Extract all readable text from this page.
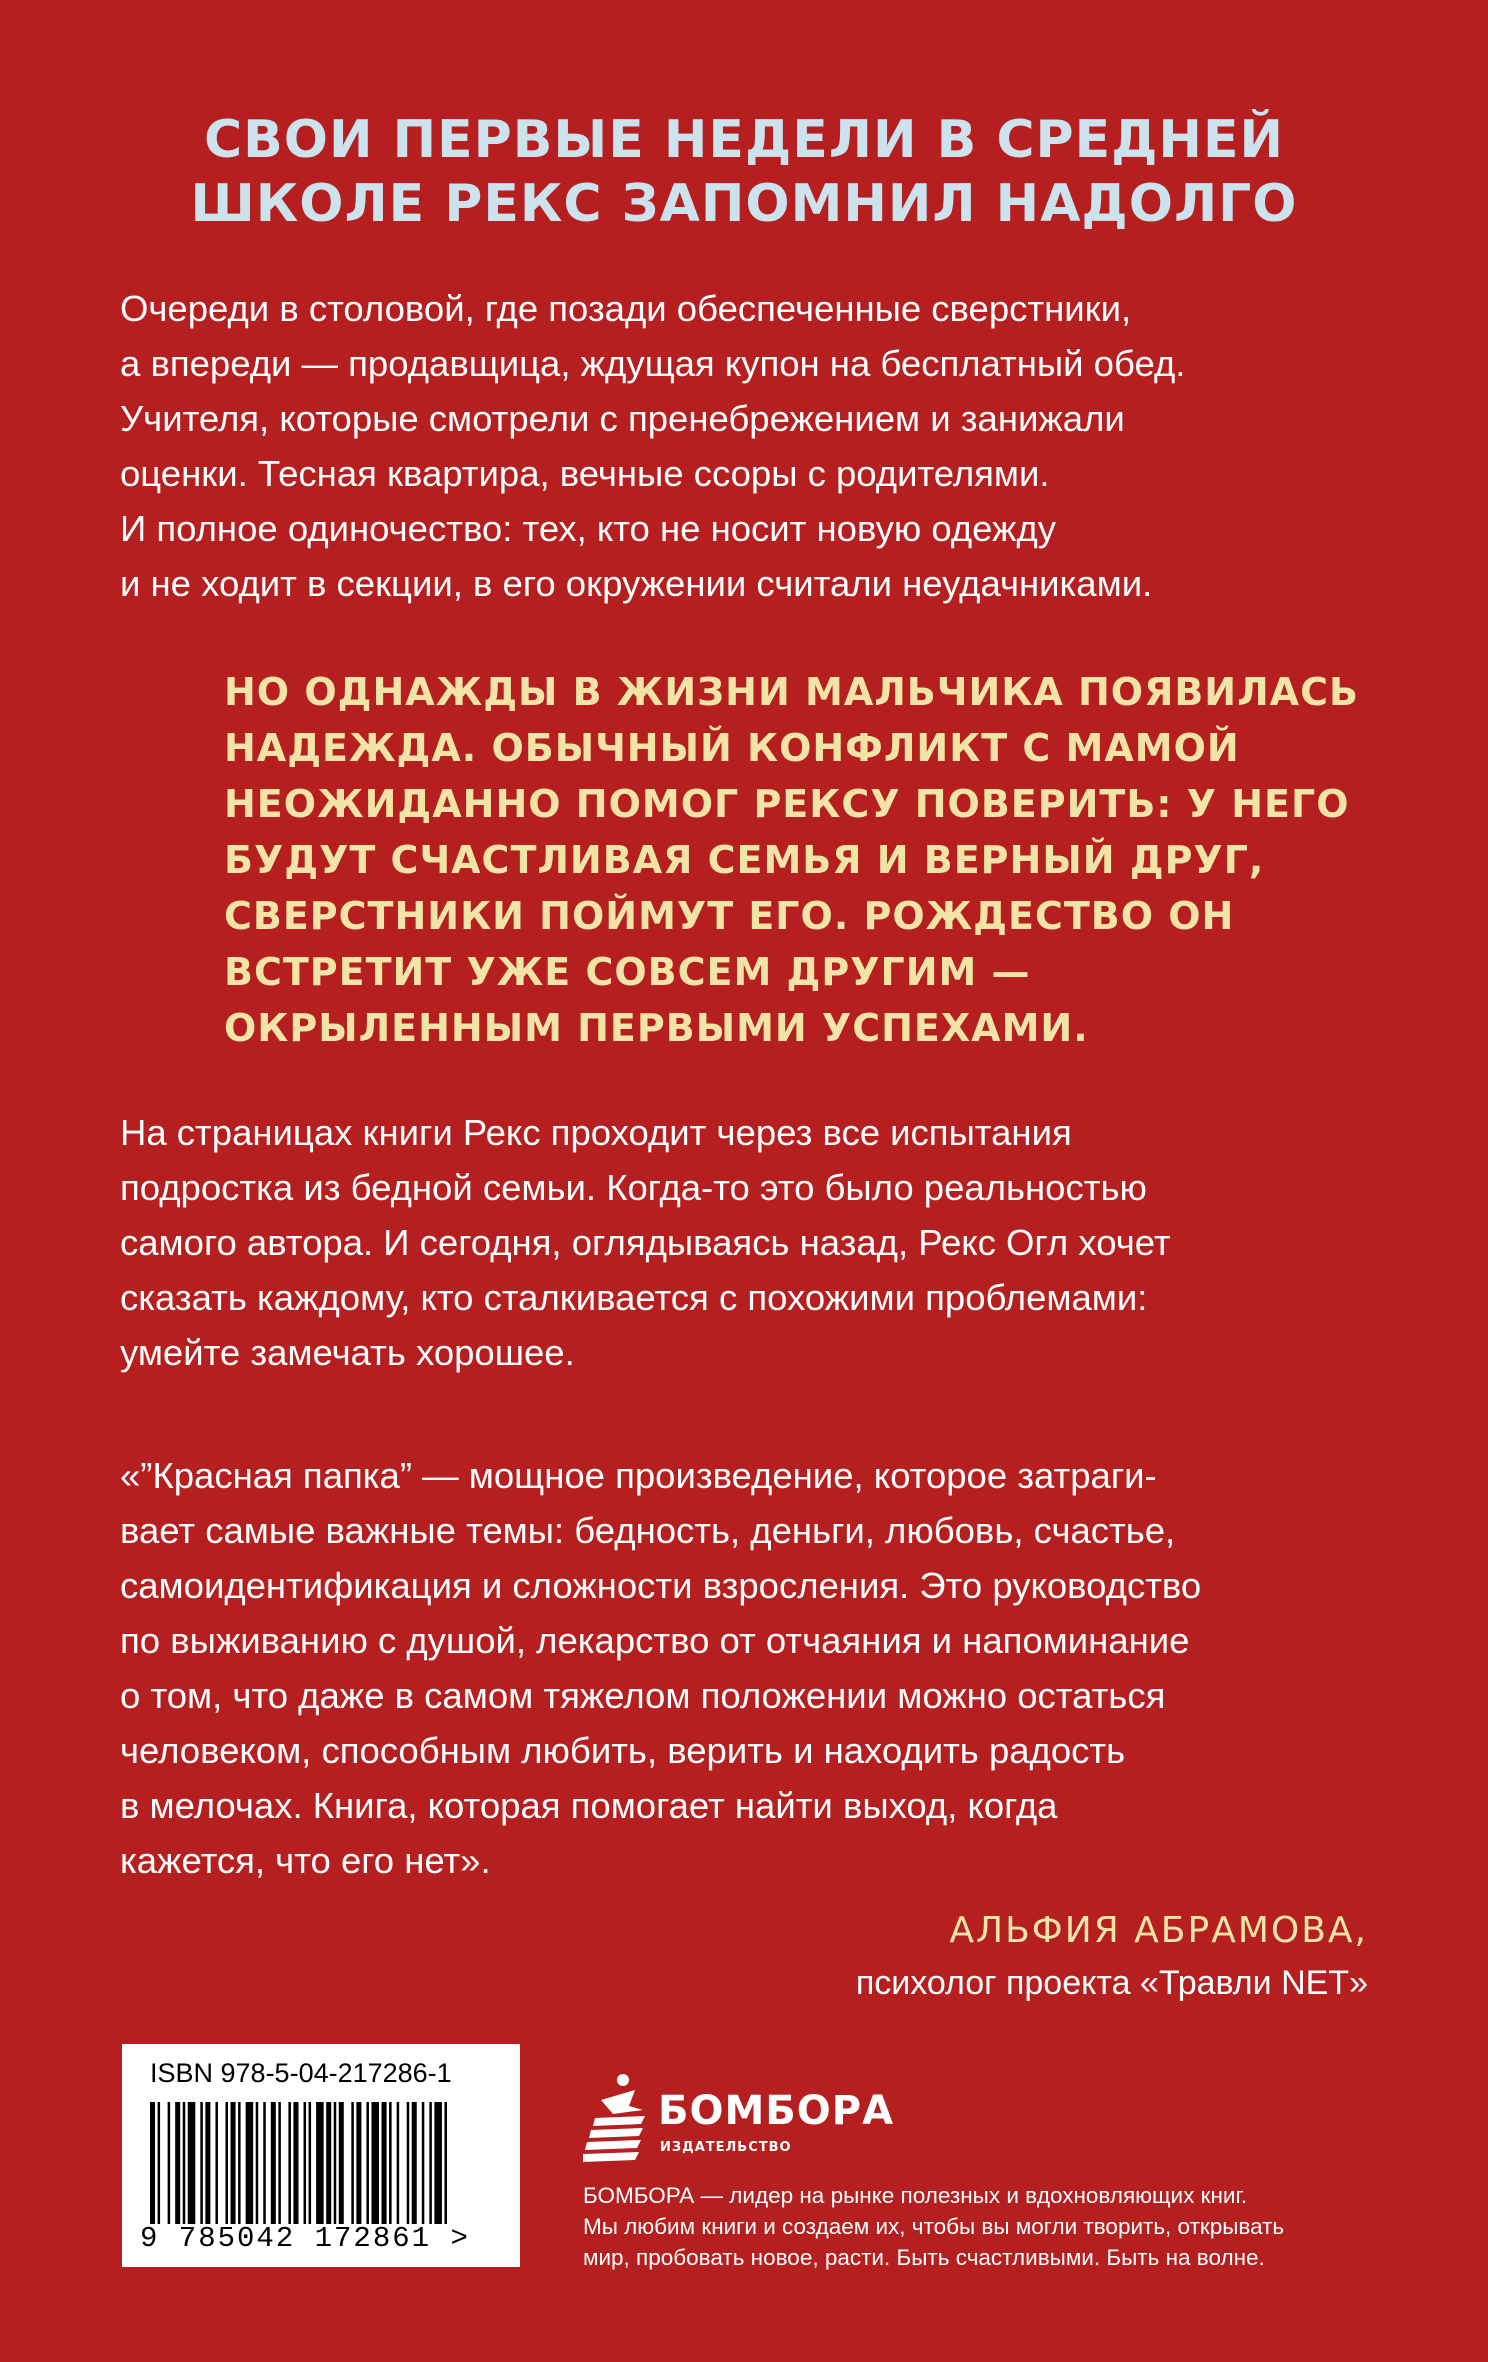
СВОИ ПЕРВЫЕ НЕДЕЛИ В СРЕДНЕЙ
ШКОЛЕ РЕКС ЗАПОМНИЛ НАДОЛГО
Очереди в столовой, где позади обеспеченные сверстники,
а впереди — продавщица, ждущая купон на бесплатный обед.
Учителя, которые смотрели с пренебрежением и занижали
оценки. Тесная квартира, вечные ссоры с родителями.
И полное одиночество: тех, кто не носит новую одежду
и не ходит в секции, в его окружении считали неудачниками.
НО ОДНАЖДЫ В ЖИЗНИ МАЛЬЧИКА ПОЯВИЛАСЬ
НАДЕЖДА. ОБЫЧНЫЙ КОНФЛИКТ С МАМОЙ
НЕОЖИДАННО ПОМОГ РЕКСУ ПОВЕРИТЬ: У НЕГО
БУДУТ СЧАСТЛИВАЯ СЕМЬЯ И ВЕРНЫЙ ДРУГ,
СВЕРСТНИКИ ПОЙМУТ ЕГО. РОЖДЕСТВО ОН
ВСТРЕТИТ УЖЕ СОВСЕМ ДРУГИМ —
ОКРЫЛЕННЫМ ПЕРВЫМИ УСПЕХАМИ.
На страницах книги Рекс проходит через все испытания
подростка из бедной семьи. Когда-то это было реальностью
самого автора. И сегодня, оглядываясь назад, Рекс Огл хочет
сказать каждому, кто сталкивается с похожими проблемами:
умейте замечать хорошее.
«”Красная папка” — мощное произведение, которое затраги-
вает самые важные темы: бедность, деньги, любовь, счастье,
самоидентификация и сложности взросления. Это руководство
по выживанию с душой, лекарство от отчаяния и напоминание
о том, что даже в самом тяжелом положении можно остаться
человеком, способным любить, верить и находить радость
в мелочах. Книга, которая помогает найти выход, когда
кажется, что его нет».
АЛЬФИЯ АБРАМОВА,
психолог проекта «Травли NET»
ISBN 978-5-04-217286-1
9 785042 172861 >
БОМБОРА
ИЗДАТЕЛЬСТВО
БОМБОРА — лидер на рынке полезных и вдохновляющих книг.
Мы любим книги и создаем их, чтобы вы могли творить, открывать
мир, пробовать новое, расти. Быть счастливыми. Быть на волне.
